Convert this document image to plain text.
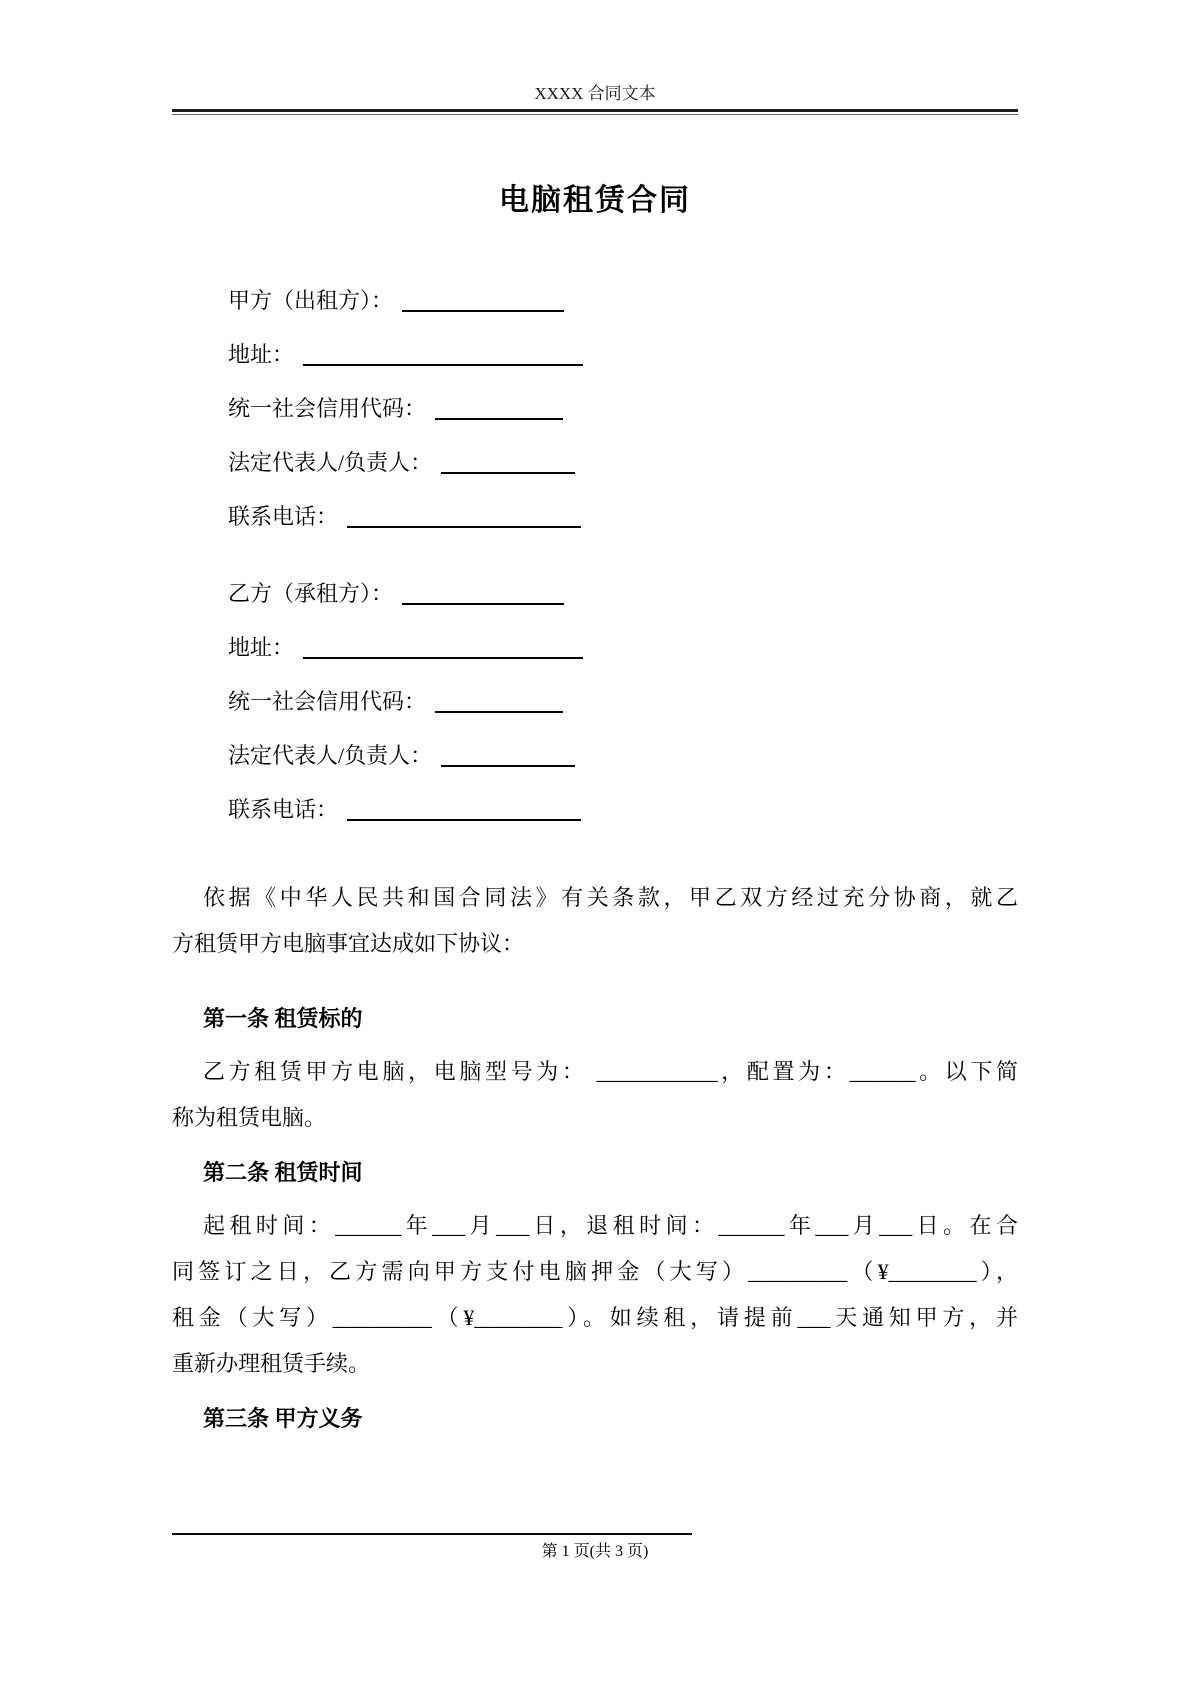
XXXX 合同文本
电脑租赁合同
甲方（出租方）：
地址：
统一社会信用代码：
法定代表人/负责人：
联系电话：
乙方（承租方）：
地址：
统一社会信用代码：
法定代表人/负责人：
联系电话：
依据《中华人民共和国合同法》有关条款，甲乙双方经过充分协商，就乙
方租赁甲方电脑事宜达成如下协议：
第一条 租赁标的
乙方租赁甲方电脑，电脑型号为： ___________，配置为：______。以下简
称为租赁电脑。
第二条 租赁时间
起租时间：______年___月___日，退租时间：______年___月___日。在合
同签订之日，乙方需向甲方支付电脑押金（大写）_________（¥________），
租金（大写）_________（¥________）。如续租，请提前___天通知甲方，并
重新办理租赁手续。
第三条 甲方义务
第 1 页(共 3 页)
